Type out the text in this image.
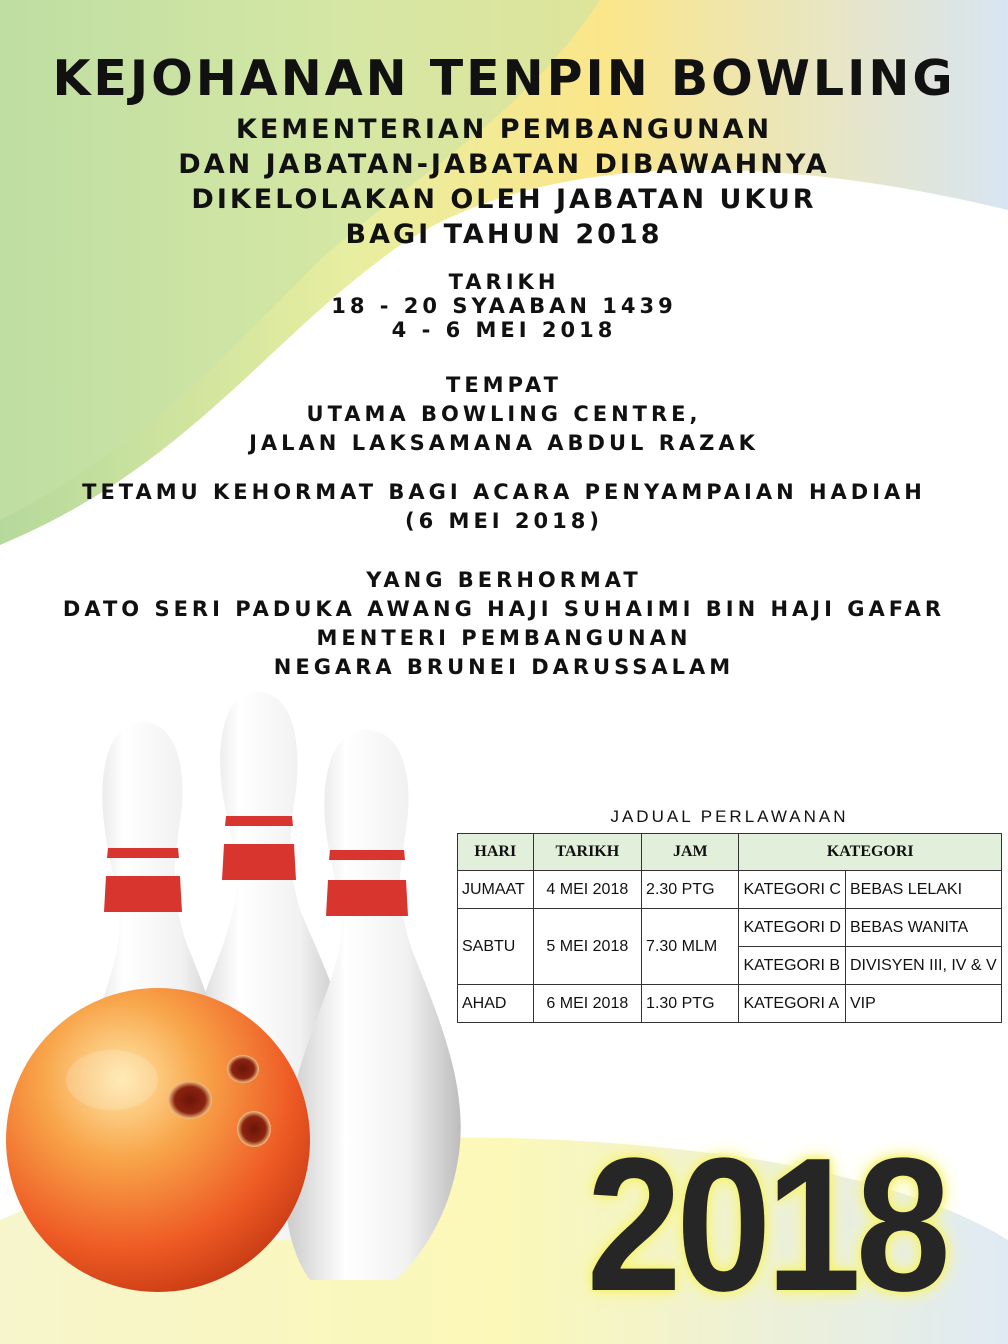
KEJOHANAN TENPIN BOWLING
KEMENTERIAN PEMBANGUNAN
DAN JABATAN-JABATAN DIBAWAHNYA
DIKELOLAKAN OLEH JABATAN UKUR
BAGI TAHUN 2018
TARIKH
18 - 20 SYAABAN 1439
4 - 6 MEI 2018
TEMPAT
UTAMA BOWLING CENTRE,
JALAN LAKSAMANA ABDUL RAZAK
TETAMU KEHORMAT BAGI ACARA PENYAMPAIAN HADIAH
(6 MEI 2018)
YANG BERHORMAT
DATO SERI PADUKA AWANG HAJI SUHAIMI BIN HAJI GAFAR
MENTERI PEMBANGUNAN
NEGARA BRUNEI DARUSSALAM
JADUAL PERLAWANAN
HARI	TARIKH	JAM	KATEGORI	
JUMAAT	4 MEI 2018	2.30 PTG	KATEGORI C	BEBAS LELAKI
SABTU	5 MEI 2018	7.30 MLM	KATEGORI D	BEBAS WANITA
			KATEGORI B	DIVISYEN III, IV & V
AHAD	6 MEI 2018	1.30 PTG	KATEGORI A	VIP
2018
